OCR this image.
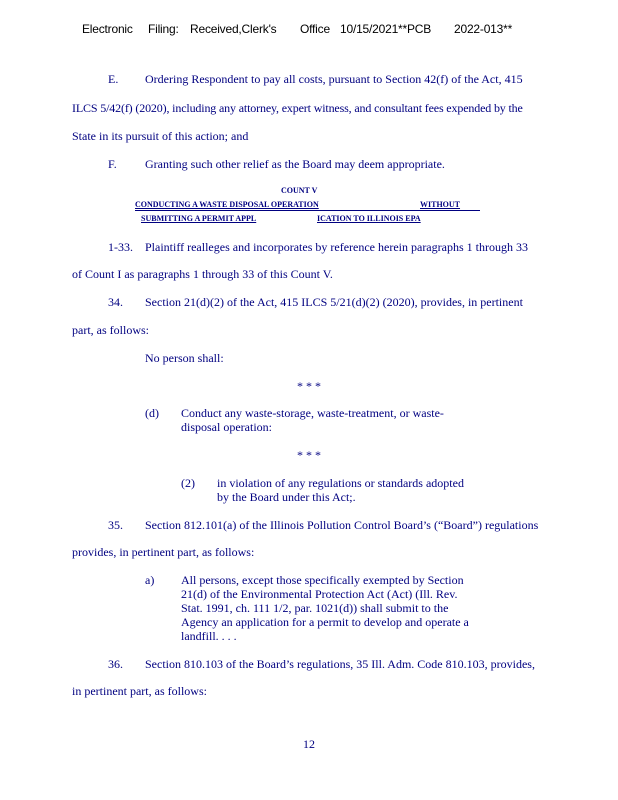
Electronic Filing: Received,Clerk's Office 10/15/2021**PCB 2022-013**
E. Ordering Respondent to pay all costs, pursuant to Section 42(f) of the Act, 415
ILCS 5/42(f) (2020), including any attorney, expert witness, and consultant fees expended by the
State in its pursuit of this action; and
F. Granting such other relief as the Board may deem appropriate.
COUNT V
CONDUCTING A WASTE DISPOSAL OPERATION	WITHOUT
SUBMITTING A PERMIT APPL	ICATION TO ILLINOIS EPA
1-33. Plaintiff realleges and incorporates by reference herein paragraphs 1 through 33
of Count I as paragraphs 1 through 33 of this Count V.
34. Section 21(d)(2) of the Act, 415 ILCS 5/21(d)(2) (2020), provides, in pertinent
part, as follows:
No person shall:
* * *
(d) Conduct any waste-storage, waste-treatment, or waste-
disposal operation:
* * *
(2) in violation of any regulations or standards adopted
by the Board under this Act;.
35. Section 812.101(a) of the Illinois Pollution Control Board’s (“Board”) regulations
provides, in pertinent part, as follows:
a) All persons, except those specifically exempted by Section
21(d) of the Environmental Protection Act (Act) (Ill. Rev.
Stat. 1991, ch. 111 1/2, par. 1021(d)) shall submit to the
Agency an application for a permit to develop and operate a
landfill. . . .
36. Section 810.103 of the Board’s regulations, 35 Ill. Adm. Code 810.103, provides,
in pertinent part, as follows:
12
